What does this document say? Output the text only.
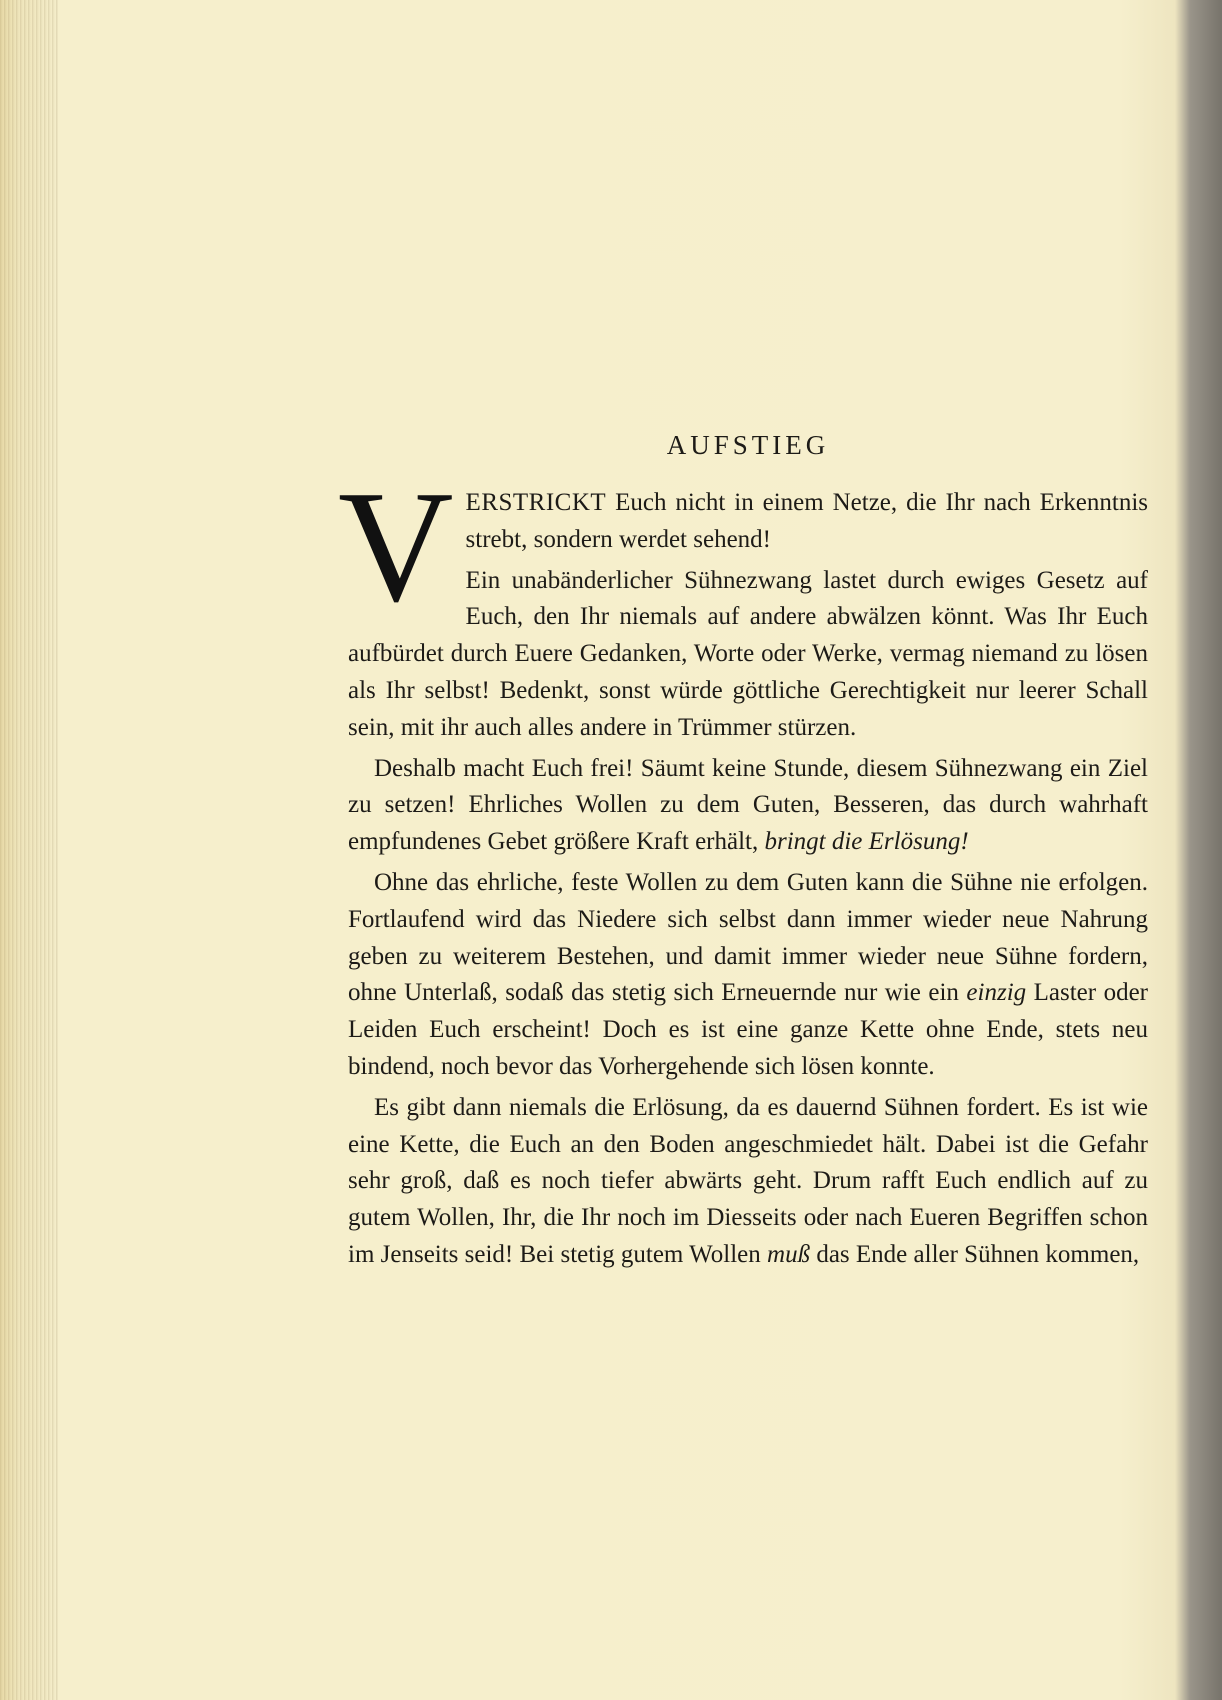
AUFSTIEG

VERSTRICKT Euch nicht in einem Netze, die Ihr nach Erkenntnis strebt, sondern werdet sehend!

Ein unabänderlicher Sühnezwang lastet durch ewiges Gesetz auf Euch, den Ihr niemals auf andere abwälzen könnt. Was Ihr Euch aufbürdet durch Euere Gedanken, Worte oder Werke, vermag niemand zu lösen als Ihr selbst! Bedenkt, sonst würde göttliche Gerechtigkeit nur leerer Schall sein, mit ihr auch alles andere in Trümmer stürzen.

Deshalb macht Euch frei! Säumt keine Stunde, diesem Sühnezwang ein Ziel zu setzen! Ehrliches Wollen zu dem Guten, Besseren, das durch wahrhaft empfundenes Gebet größere Kraft erhält, bringt die Erlösung!

Ohne das ehrliche, feste Wollen zu dem Guten kann die Sühne nie erfolgen. Fortlaufend wird das Niedere sich selbst dann immer wieder neue Nahrung geben zu weiterem Bestehen, und damit immer wieder neue Sühne fordern, ohne Unterlaß, sodaß das stetig sich Erneuernde nur wie ein einzig Laster oder Leiden Euch erscheint! Doch es ist eine ganze Kette ohne Ende, stets neu bindend, noch bevor das Vorhergehende sich lösen konnte.

Es gibt dann niemals die Erlösung, da es dauernd Sühnen fordert. Es ist wie eine Kette, die Euch an den Boden angeschmiedet hält. Dabei ist die Gefahr sehr groß, daß es noch tiefer abwärts geht. Drum rafft Euch endlich auf zu gutem Wollen, Ihr, die Ihr noch im Diesseits oder nach Eueren Begriffen schon im Jenseits seid! Bei stetig gutem Wollen muß das Ende aller Sühnen kommen,
